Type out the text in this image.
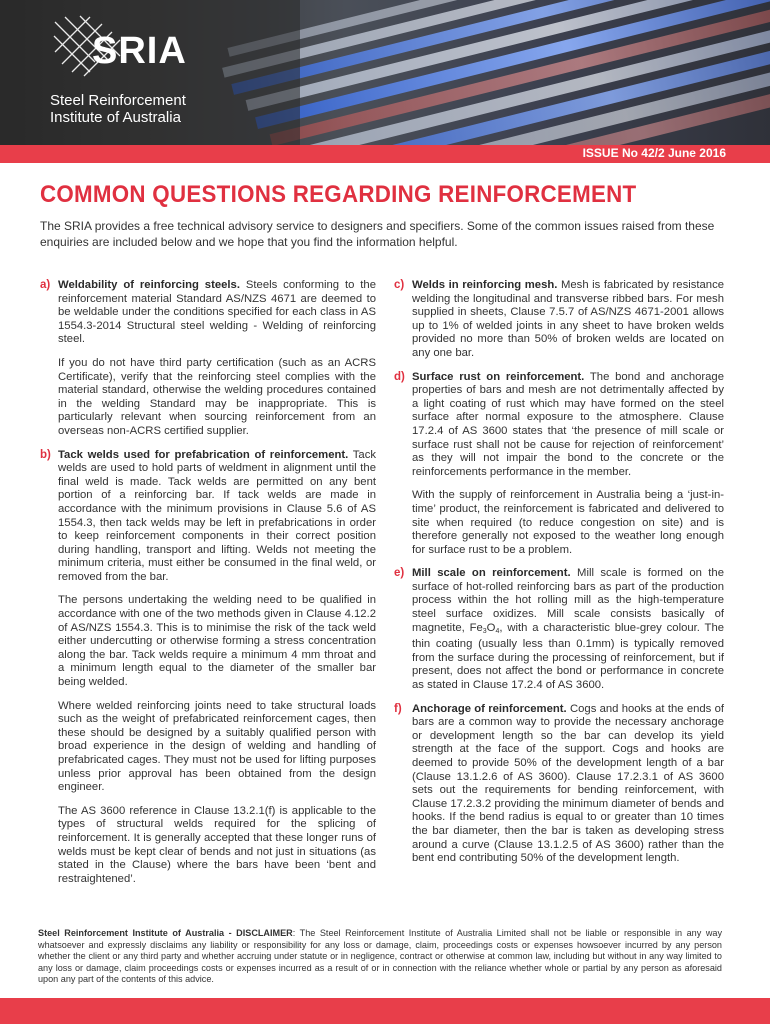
SRIA
Steel Reinforcement
Institute of Australia
ISSUE No 42/2 June 2016
COMMON QUESTIONS REGARDING REINFORCEMENT

The SRIA provides a free technical advisory service to designers and specifiers. Some of the common issues raised from these enquiries are included below and we hope that you find the information helpful.

a) Weldability of reinforcing steels. Steels conforming to the reinforcement material Standard AS/NZS 4671 are deemed to be weldable under the conditions specified for each class in AS 1554.3-2014 Structural steel welding - Welding of reinforcing steel.

If you do not have third party certification (such as an ACRS Certificate), verify that the reinforcing steel complies with the material standard, otherwise the welding procedures contained in the welding Standard may be inappropriate. This is particularly relevant when sourcing reinforcement from an overseas non-ACRS certified supplier.

b) Tack welds used for prefabrication of reinforcement. Tack welds are used to hold parts of weldment in alignment until the final weld is made. Tack welds are permitted on any bent portion of a reinforcing bar. If tack welds are made in accordance with the minimum provisions in Clause 5.6 of AS 1554.3, then tack welds may be left in prefabrications in order to keep reinforcement components in their correct position during handling, transport and lifting. Welds not meeting the minimum criteria, must either be consumed in the final weld, or removed from the bar.

The persons undertaking the welding need to be qualified in accordance with one of the two methods given in Clause 4.12.2 of AS/NZS 1554.3. This is to minimise the risk of the tack weld either undercutting or otherwise forming a stress concentration along the bar. Tack welds require a minimum 4 mm throat and a minimum length equal to the diameter of the smaller bar being welded.

Where welded reinforcing joints need to take structural loads such as the weight of prefabricated reinforcement cages, then these should be designed by a suitably qualified person with broad experience in the design of welding and handling of prefabricated cages. They must not be used for lifting purposes unless prior approval has been obtained from the design engineer.

The AS 3600 reference in Clause 13.2.1(f) is applicable to the types of structural welds required for the splicing of reinforcement. It is generally accepted that these longer runs of welds must be kept clear of bends and not just in situations (as stated in the Clause) where the bars have been ‘bent and restraightened’.

c) Welds in reinforcing mesh. Mesh is fabricated by resistance welding the longitudinal and transverse ribbed bars. For mesh supplied in sheets, Clause 7.5.7 of AS/NZS 4671-2001 allows up to 1% of welded joints in any sheet to have broken welds provided no more than 50% of broken welds are located on any one bar.

d) Surface rust on reinforcement. The bond and anchorage properties of bars and mesh are not detrimentally affected by a light coating of rust which may have formed on the steel surface after normal exposure to the atmosphere. Clause 17.2.4 of AS 3600 states that ‘the presence of mill scale or surface rust shall not be cause for rejection of reinforcement’ as they will not impair the bond to the concrete or the reinforcements performance in the member.

With the supply of reinforcement in Australia being a ‘just-in-time’ product, the reinforcement is fabricated and delivered to site when required (to reduce congestion on site) and is therefore generally not exposed to the weather long enough for surface rust to be a problem.

e) Mill scale on reinforcement. Mill scale is formed on the surface of hot-rolled reinforcing bars as part of the production process within the hot rolling mill as the high-temperature steel surface oxidizes. Mill scale consists basically of magnetite, $Fe_3O_4$, with a characteristic blue-grey colour. The thin coating (usually less than 0.1mm) is typically removed from the surface during the processing of reinforcement, but if present, does not affect the bond or performance in concrete as stated in Clause 17.2.4 of AS 3600.

f) Anchorage of reinforcement. Cogs and hooks at the ends of bars are a common way to provide the necessary anchorage or development length so the bar can develop its yield strength at the face of the support. Cogs and hooks are deemed to provide 50% of the development length of a bar (Clause 13.1.2.6 of AS 3600). Clause 17.2.3.1 of AS 3600 sets out the requirements for bending reinforcement, with Clause 17.2.3.2 providing the minimum diameter of bends and hooks. If the bend radius is equal to or greater than 10 times the bar diameter, then the bar is taken as developing stress around a curve (Clause 13.1.2.5 of AS 3600) rather than the bent end contributing 50% of the development length.

Steel Reinforcement Institute of Australia - DISCLAIMER: The Steel Reinforcement Institute of Australia Limited shall not be liable or responsible in any way whatsoever and expressly disclaims any liability or responsibility for any loss or damage, claim, proceedings costs or expenses howsoever incurred by any person whether the client or any third party and whether accruing under statute or in negligence, contract or otherwise at common law, including but without in any way limited to any loss or damage, claim proceedings costs or expenses incurred as a result of or in connection with the reliance whether whole or partial by any person as aforesaid upon any part of the contents of this advice.
